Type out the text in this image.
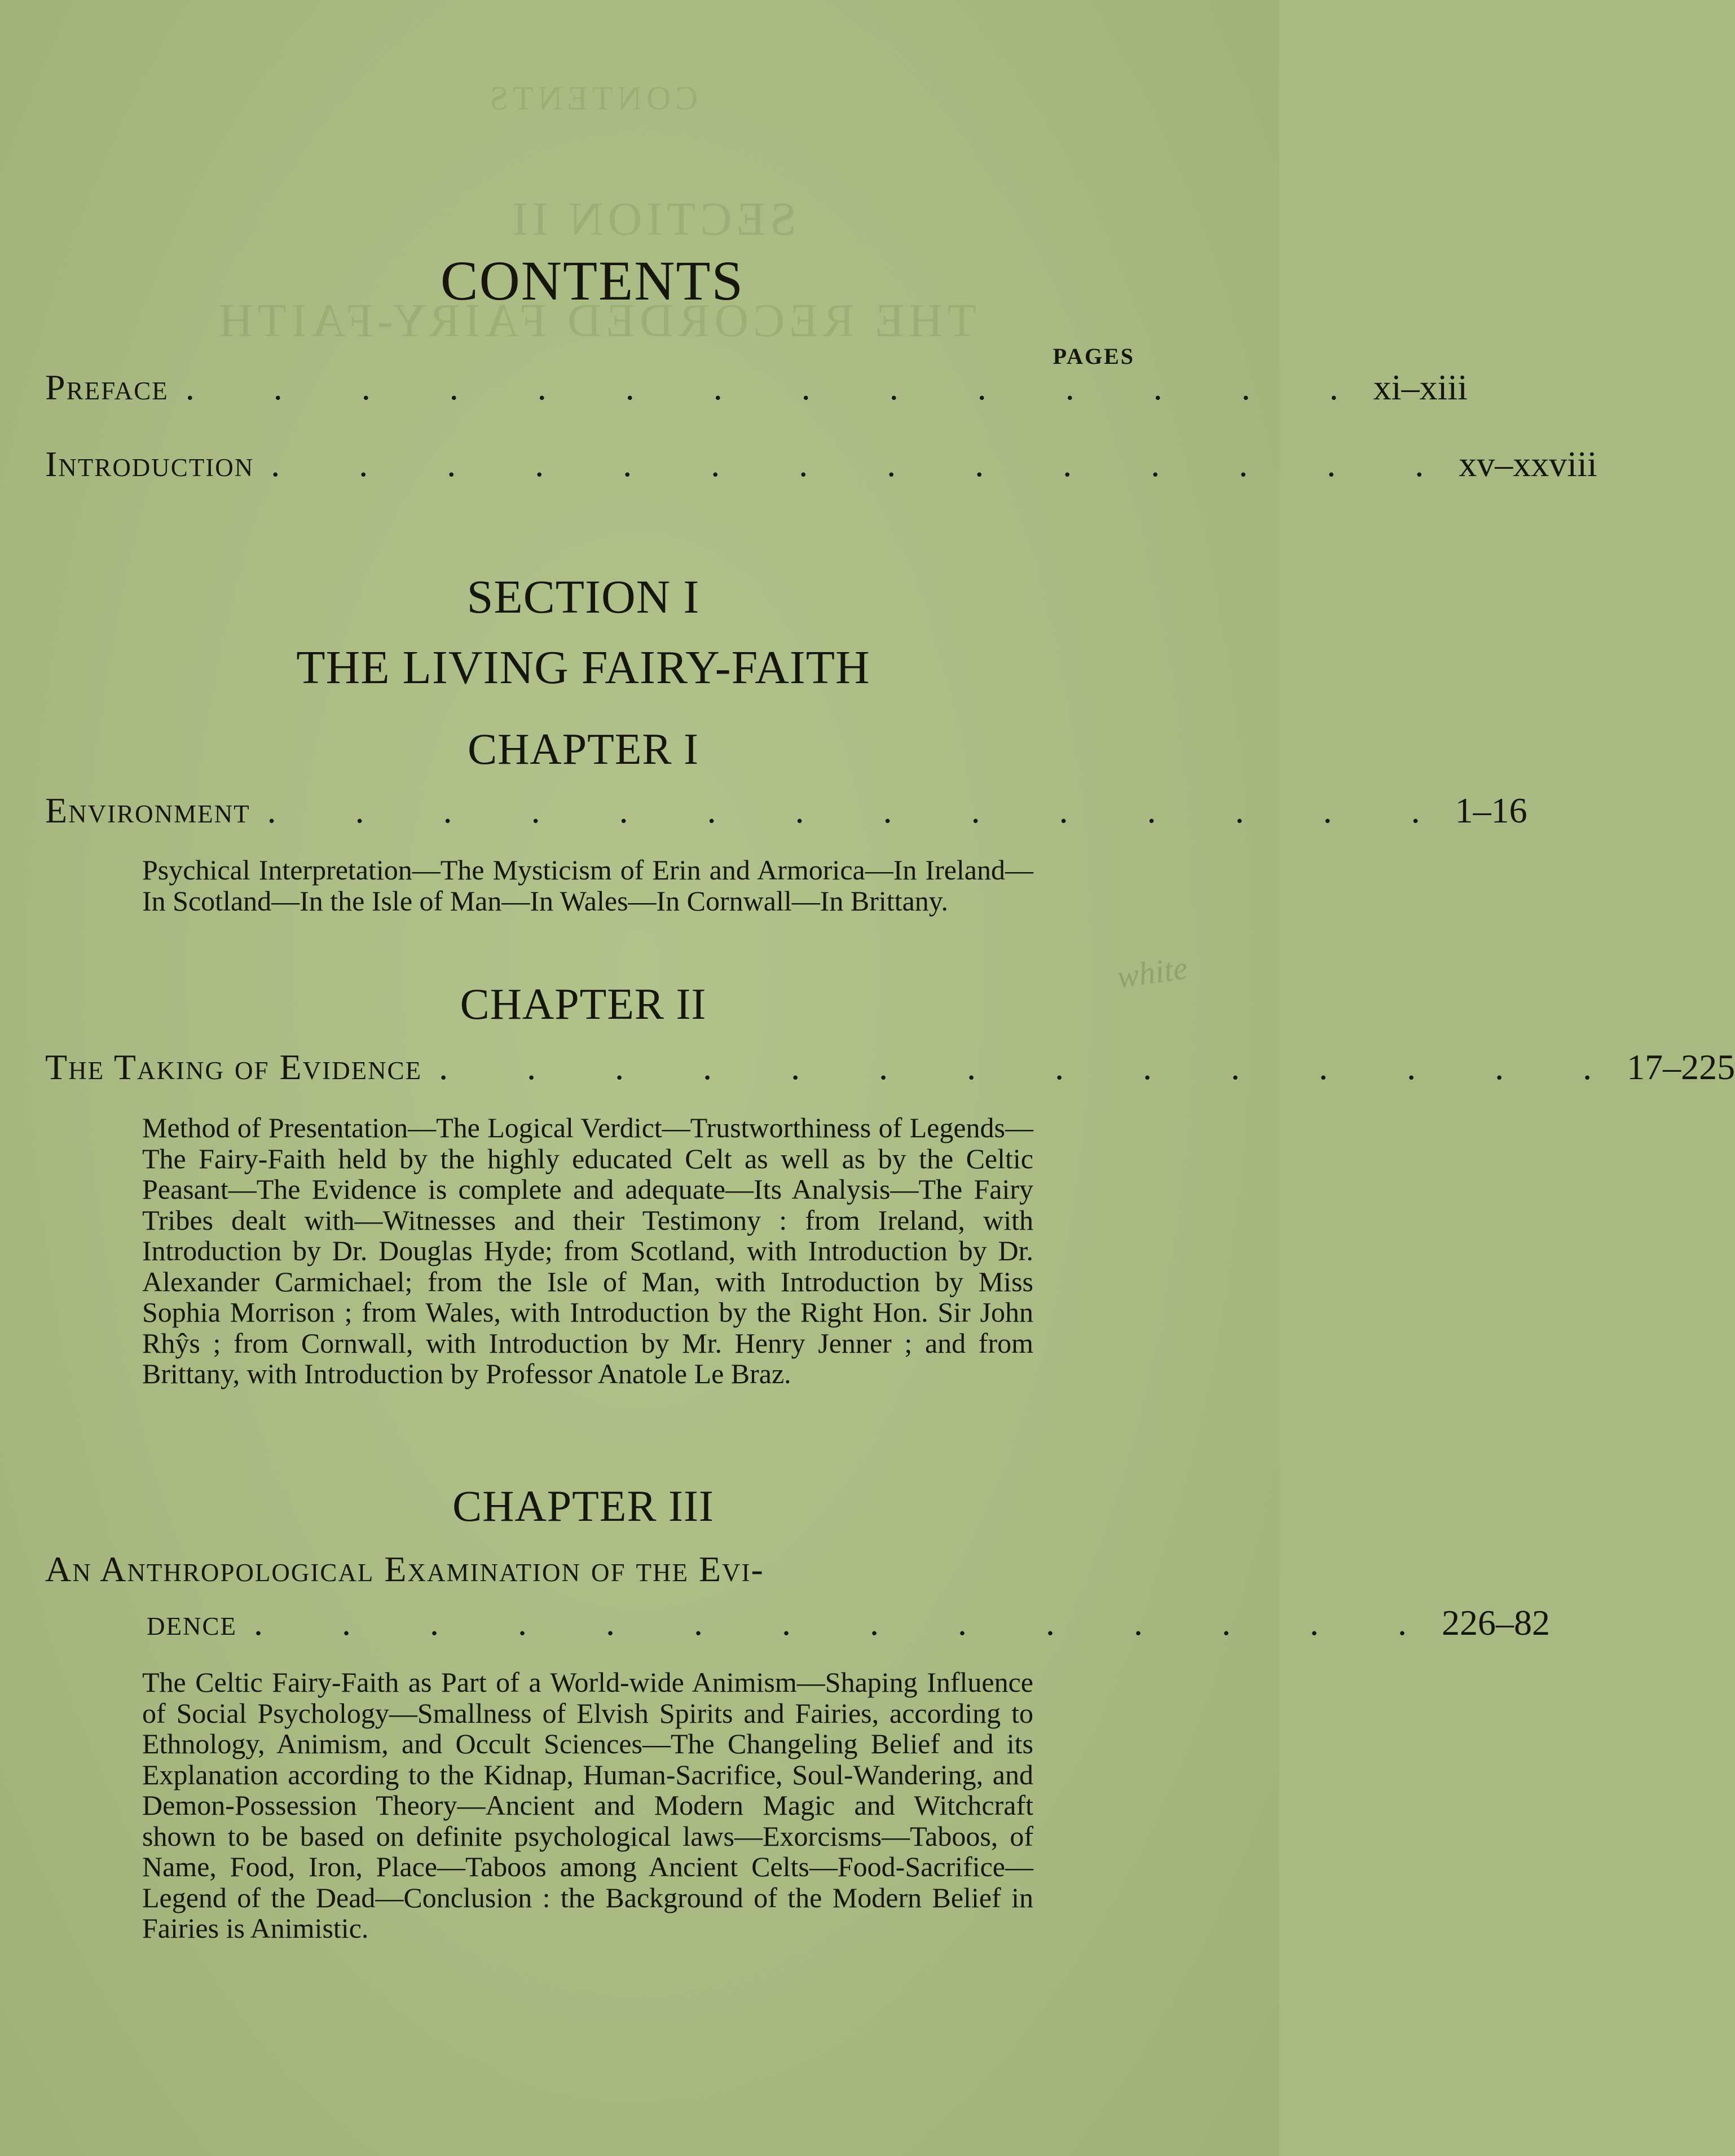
CONTENTS
SECTION II
THE RECORDED FAIRY-FAITH
CONTENTS
PAGES
Preface . . . . . . . . . . . . . . xi–xiii
Introduction . . . . . . . . . . . . . . xv–xxviii
SECTION I
THE LIVING FAIRY-FAITH
CHAPTER I
Environment . . . . . . . . . . . . . . 1–16
Psychical Interpretation—The Mysticism of Erin and Armorica—In Ireland—In Scotland—In the Isle of Man—In Wales—In Cornwall—In Brittany.
CHAPTER II
The Taking of Evidence . . . . . . . . . . . . . . 17–225
Method of Presentation—The Logical Verdict—Trustworthiness of Legends—The Fairy-Faith held by the highly educated Celt as well as by the Celtic Peasant—The Evidence is complete and adequate—Its Analysis—The Fairy Tribes dealt with—Witnesses and their Testimony : from Ireland, with Introduction by Dr. Douglas Hyde; from Scotland, with Introduction by Dr. Alexander Carmichael; from the Isle of Man, with Introduction by Miss Sophia Morrison ; from Wales, with Introduction by the Right Hon. Sir John Rhŷs ; from Cornwall, with Introduction by Mr. Henry Jenner ; and from Brittany, with Introduction by Professor Anatole Le Braz.
CHAPTER III
An Anthropological Examination of the Evi-
dence . . . . . . . . . . . . . . 226–82
The Celtic Fairy-Faith as Part of a World-wide Animism—Shaping Influence of Social Psychology—Smallness of Elvish Spirits and Fairies, according to Ethnology, Animism, and Occult Sciences—The Changeling Belief and its Explanation according to the Kidnap, Human-Sacrifice, Soul-Wandering, and Demon-Possession Theory—Ancient and Modern Magic and Witchcraft shown to be based on definite psychological laws—Exorcisms—Taboos, of Name, Food, Iron, Place—Taboos among Ancient Celts—Food-Sacrifice—Legend of the Dead—Conclusion : the Background of the Modern Belief in Fairies is Animistic.
white
